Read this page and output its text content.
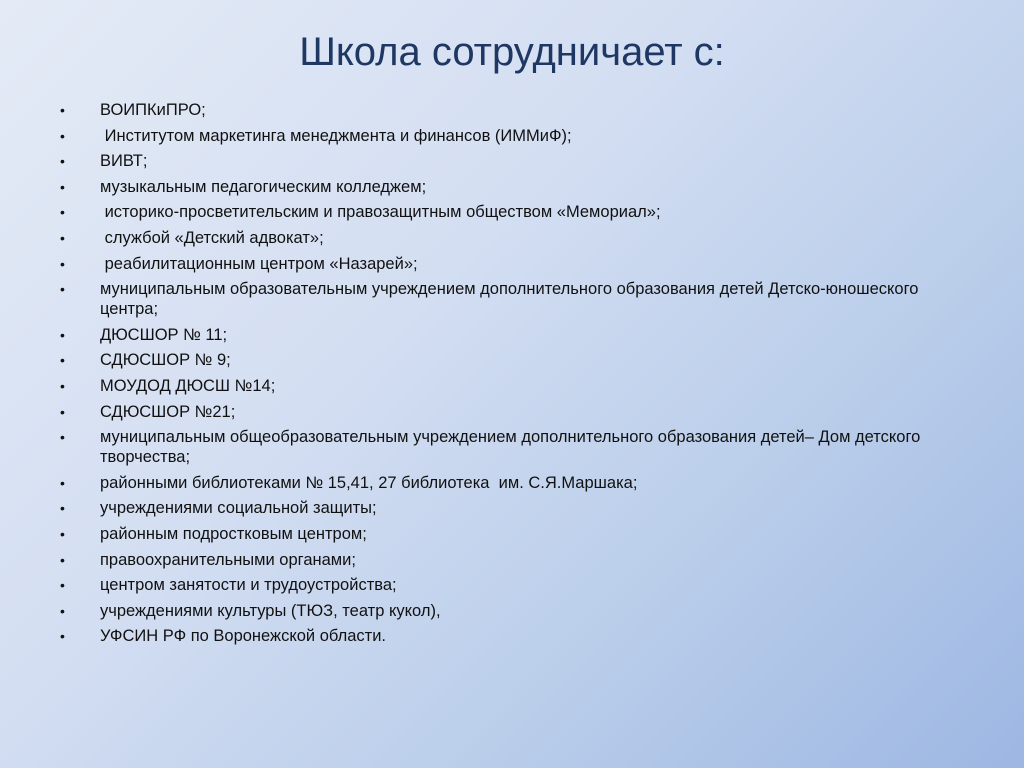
Школа сотрудничает с:
•	ВОИПКиПРО;
•	Институтом маркетинга менеджмента и финансов (ИММиФ);
•	ВИВТ;
•	музыкальным педагогическим колледжем;
•	историко-просветительским и правозащитным обществом «Мемориал»;
•	службой «Детский адвокат»;
•	реабилитационным центром «Назарей»;
•	муниципальным образовательным учреждением дополнительного образования детей Детско-юношеского центра;
•	ДЮСШОР № 11;
•	СДЮСШОР № 9;
•	МОУДОД ДЮСШ №14;
•	СДЮСШОР №21;
•	муниципальным общеобразовательным учреждением дополнительного образования детей– Дом детского творчества;
•	районными библиотеками № 15,41, 27 библиотека  им. С.Я.Маршака;
•	учреждениями социальной защиты;
•	районным подростковым центром;
•	правоохранительными органами;
•	центром занятости и трудоустройства;
•	учреждениями культуры (ТЮЗ, театр кукол),
•	УФСИН РФ по Воронежской области.
